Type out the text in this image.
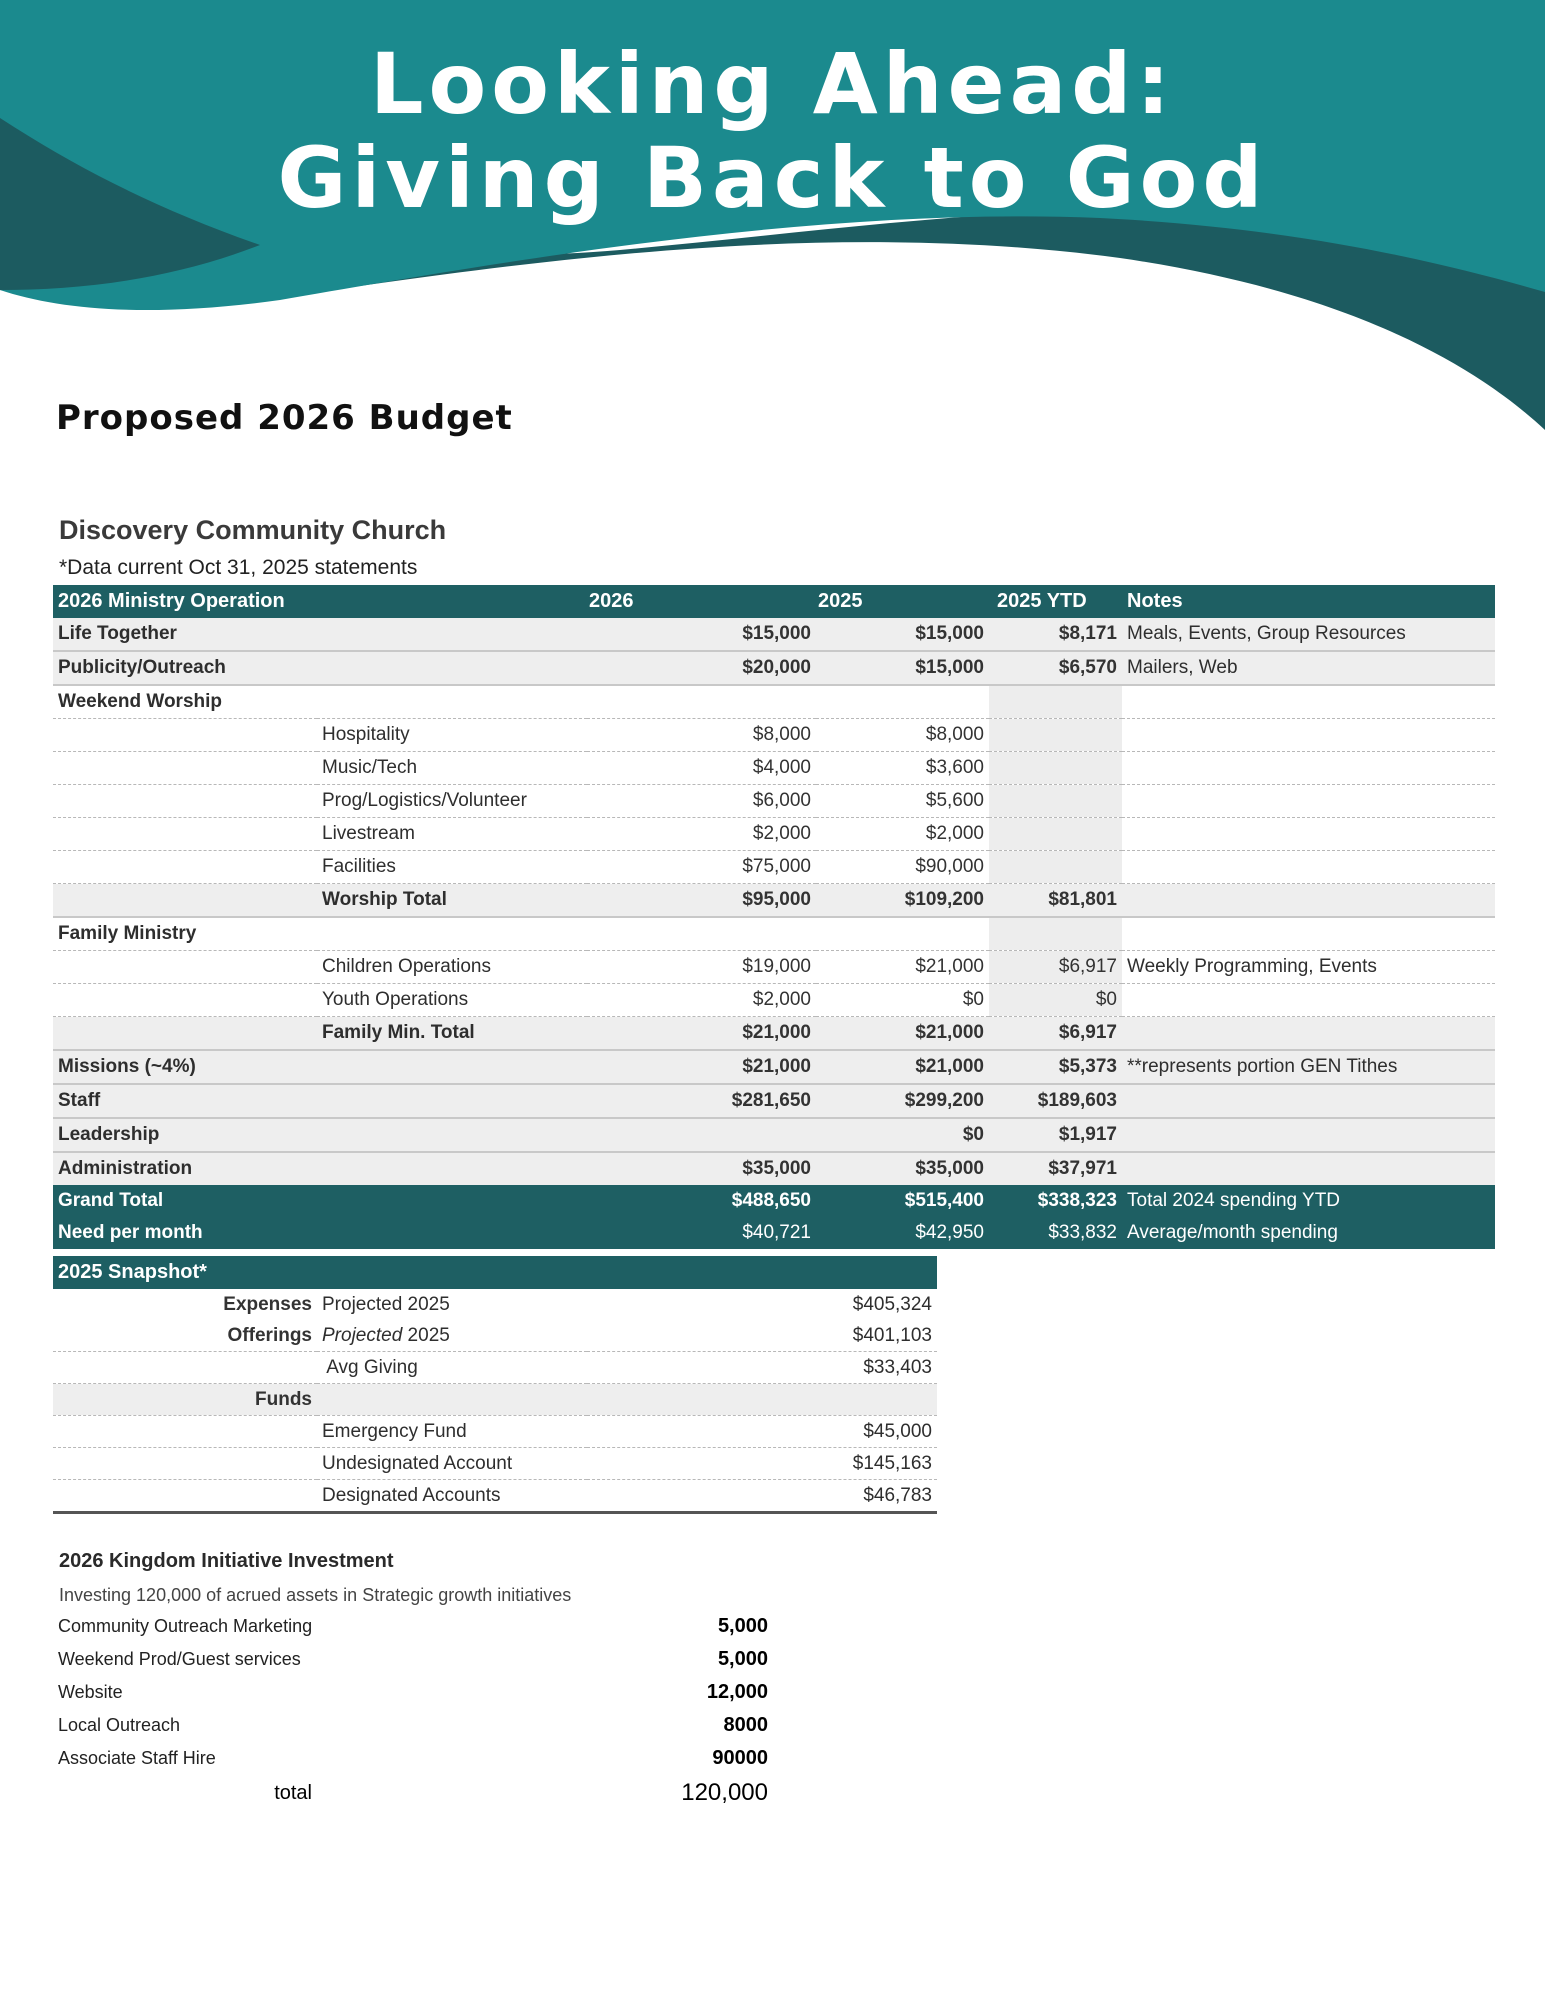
Looking Ahead:
Giving Back to God
Proposed 2026 Budget
Discovery Community Church
*Data current Oct 31, 2025 statements
2026 Ministry Operation		2026	2025	2025 YTD	Notes
Life Together		$15,000	$15,000	$8,171	Meals, Events, Group Resources
Publicity/Outreach		$20,000	$15,000	$6,570	Mailers, Web
Weekend Worship					
	Hospitality	$8,000	$8,000		
	Music/Tech	$4,000	$3,600		
	Prog/Logistics/Volunteer	$6,000	$5,600		
	Livestream	$2,000	$2,000		
	Facilities	$75,000	$90,000		
	Worship Total	$95,000	$109,200	$81,801	
Family Ministry					
	Children Operations	$19,000	$21,000	$6,917	Weekly Programming, Events
	Youth Operations	$2,000	$0	$0	
	Family Min. Total	$21,000	$21,000	$6,917	
Missions (~4%)		$21,000	$21,000	$5,373	**represents portion GEN Tithes
Staff		$281,650	$299,200	$189,603	
Leadership			$0	$1,917	
Administration		$35,000	$35,000	$37,971	
Grand Total		$488,650	$515,400	$338,323	Total 2024 spending YTD
Need per month		$40,721	$42,950	$33,832	Average/month spending
2025 Snapshot*		
Expenses	Projected 2025	$405,324
Offerings	Projected 2025	$401,103
	Avg Giving	$33,403
Funds		
	Emergency Fund	$45,000
	Undesignated Account	$145,163
	Designated Accounts	$46,783
2026 Kingdom Initiative Investment
Investing 120,000 of acrued assets in Strategic growth initiatives
Community Outreach Marketing		5,000
Weekend Prod/Guest services		5,000
Website		12,000
Local Outreach		8000
Associate Staff Hire		90000
total		120,000
